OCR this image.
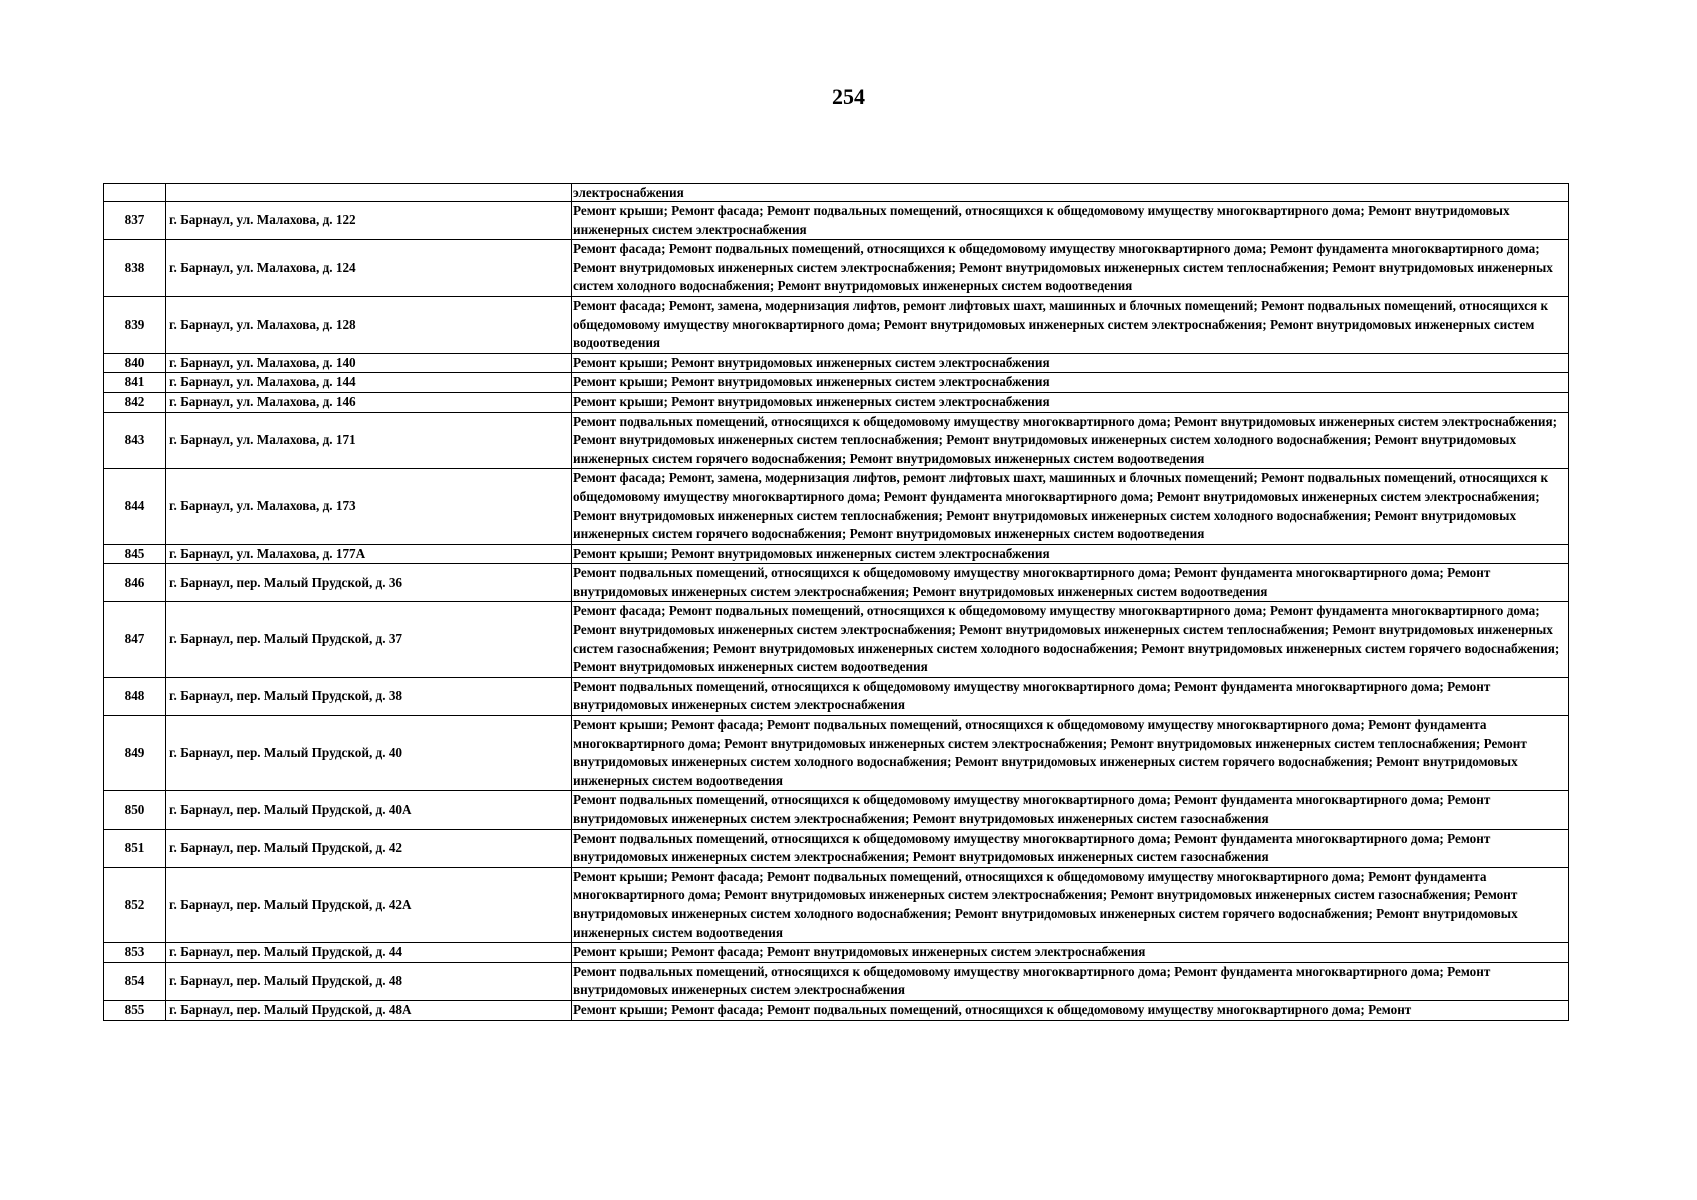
254
		электроснабжения
837	г. Барнаул, ул. Малахова, д. 122	Ремонт крыши; Ремонт фасада; Ремонт подвальных помещений, относящихся к общедомовому имуществу многоквартирного дома; Ремонт внутридомовых инженерных систем электроснабжения
838	г. Барнаул, ул. Малахова, д. 124	Ремонт фасада; Ремонт подвальных помещений, относящихся к общедомовому имуществу многоквартирного дома; Ремонт фундамента многоквартирного дома; Ремонт внутридомовых инженерных систем электроснабжения; Ремонт внутридомовых инженерных систем теплоснабжения; Ремонт внутридомовых инженерных систем холодного водоснабжения; Ремонт внутридомовых инженерных систем водоотведения
839	г. Барнаул, ул. Малахова, д. 128	Ремонт фасада; Ремонт, замена, модернизация лифтов, ремонт лифтовых шахт, машинных и блочных помещений; Ремонт подвальных помещений, относящихся к общедомовому имуществу многоквартирного дома; Ремонт внутридомовых инженерных систем электроснабжения; Ремонт внутридомовых инженерных систем водоотведения
840	г. Барнаул, ул. Малахова, д. 140	Ремонт крыши; Ремонт внутридомовых инженерных систем электроснабжения
841	г. Барнаул, ул. Малахова, д. 144	Ремонт крыши; Ремонт внутридомовых инженерных систем электроснабжения
842	г. Барнаул, ул. Малахова, д. 146	Ремонт крыши; Ремонт внутридомовых инженерных систем электроснабжения
843	г. Барнаул, ул. Малахова, д. 171	Ремонт подвальных помещений, относящихся к общедомовому имуществу многоквартирного дома; Ремонт внутридомовых инженерных систем электроснабжения; Ремонт внутридомовых инженерных систем теплоснабжения; Ремонт внутридомовых инженерных систем холодного водоснабжения; Ремонт внутридомовых инженерных систем горячего водоснабжения; Ремонт внутридомовых инженерных систем водоотведения
844	г. Барнаул, ул. Малахова, д. 173	Ремонт фасада; Ремонт, замена, модернизация лифтов, ремонт лифтовых шахт, машинных и блочных помещений; Ремонт подвальных помещений, относящихся к общедомовому имуществу многоквартирного дома; Ремонт фундамента многоквартирного дома; Ремонт внутридомовых инженерных систем электроснабжения; Ремонт внутридомовых инженерных систем теплоснабжения; Ремонт внутридомовых инженерных систем холодного водоснабжения; Ремонт внутридомовых инженерных систем горячего водоснабжения; Ремонт внутридомовых инженерных систем водоотведения
845	г. Барнаул, ул. Малахова, д. 177А	Ремонт крыши; Ремонт внутридомовых инженерных систем электроснабжения
846	г. Барнаул, пер. Малый Прудской, д. 36	Ремонт подвальных помещений, относящихся к общедомовому имуществу многоквартирного дома; Ремонт фундамента многоквартирного дома; Ремонт внутридомовых инженерных систем электроснабжения; Ремонт внутридомовых инженерных систем водоотведения
847	г. Барнаул, пер. Малый Прудской, д. 37	Ремонт фасада; Ремонт подвальных помещений, относящихся к общедомовому имуществу многоквартирного дома; Ремонт фундамента многоквартирного дома; Ремонт внутридомовых инженерных систем электроснабжения; Ремонт внутридомовых инженерных систем теплоснабжения; Ремонт внутридомовых инженерных систем газоснабжения; Ремонт внутридомовых инженерных систем холодного водоснабжения; Ремонт внутридомовых инженерных систем горячего водоснабжения; Ремонт внутридомовых инженерных систем водоотведения
848	г. Барнаул, пер. Малый Прудской, д. 38	Ремонт подвальных помещений, относящихся к общедомовому имуществу многоквартирного дома; Ремонт фундамента многоквартирного дома; Ремонт внутридомовых инженерных систем электроснабжения
849	г. Барнаул, пер. Малый Прудской, д. 40	Ремонт крыши; Ремонт фасада; Ремонт подвальных помещений, относящихся к общедомовому имуществу многоквартирного дома; Ремонт фундамента многоквартирного дома; Ремонт внутридомовых инженерных систем электроснабжения; Ремонт внутридомовых инженерных систем теплоснабжения; Ремонт внутридомовых инженерных систем холодного водоснабжения; Ремонт внутридомовых инженерных систем горячего водоснабжения; Ремонт внутридомовых инженерных систем водоотведения
850	г. Барнаул, пер. Малый Прудской, д. 40А	Ремонт подвальных помещений, относящихся к общедомовому имуществу многоквартирного дома; Ремонт фундамента многоквартирного дома; Ремонт внутридомовых инженерных систем электроснабжения; Ремонт внутридомовых инженерных систем газоснабжения
851	г. Барнаул, пер. Малый Прудской, д. 42	Ремонт подвальных помещений, относящихся к общедомовому имуществу многоквартирного дома; Ремонт фундамента многоквартирного дома; Ремонт внутридомовых инженерных систем электроснабжения; Ремонт внутридомовых инженерных систем газоснабжения
852	г. Барнаул, пер. Малый Прудской, д. 42А	Ремонт крыши; Ремонт фасада; Ремонт подвальных помещений, относящихся к общедомовому имуществу многоквартирного дома; Ремонт фундамента многоквартирного дома; Ремонт внутридомовых инженерных систем электроснабжения; Ремонт внутридомовых инженерных систем газоснабжения; Ремонт внутридомовых инженерных систем холодного водоснабжения; Ремонт внутридомовых инженерных систем горячего водоснабжения; Ремонт внутридомовых инженерных систем водоотведения
853	г. Барнаул, пер. Малый Прудской, д. 44	Ремонт крыши; Ремонт фасада; Ремонт внутридомовых инженерных систем электроснабжения
854	г. Барнаул, пер. Малый Прудской, д. 48	Ремонт подвальных помещений, относящихся к общедомовому имуществу многоквартирного дома; Ремонт фундамента многоквартирного дома; Ремонт внутридомовых инженерных систем электроснабжения
855	г. Барнаул, пер. Малый Прудской, д. 48А	Ремонт крыши; Ремонт фасада; Ремонт подвальных помещений, относящихся к общедомовому имуществу многоквартирного дома; Ремонт
